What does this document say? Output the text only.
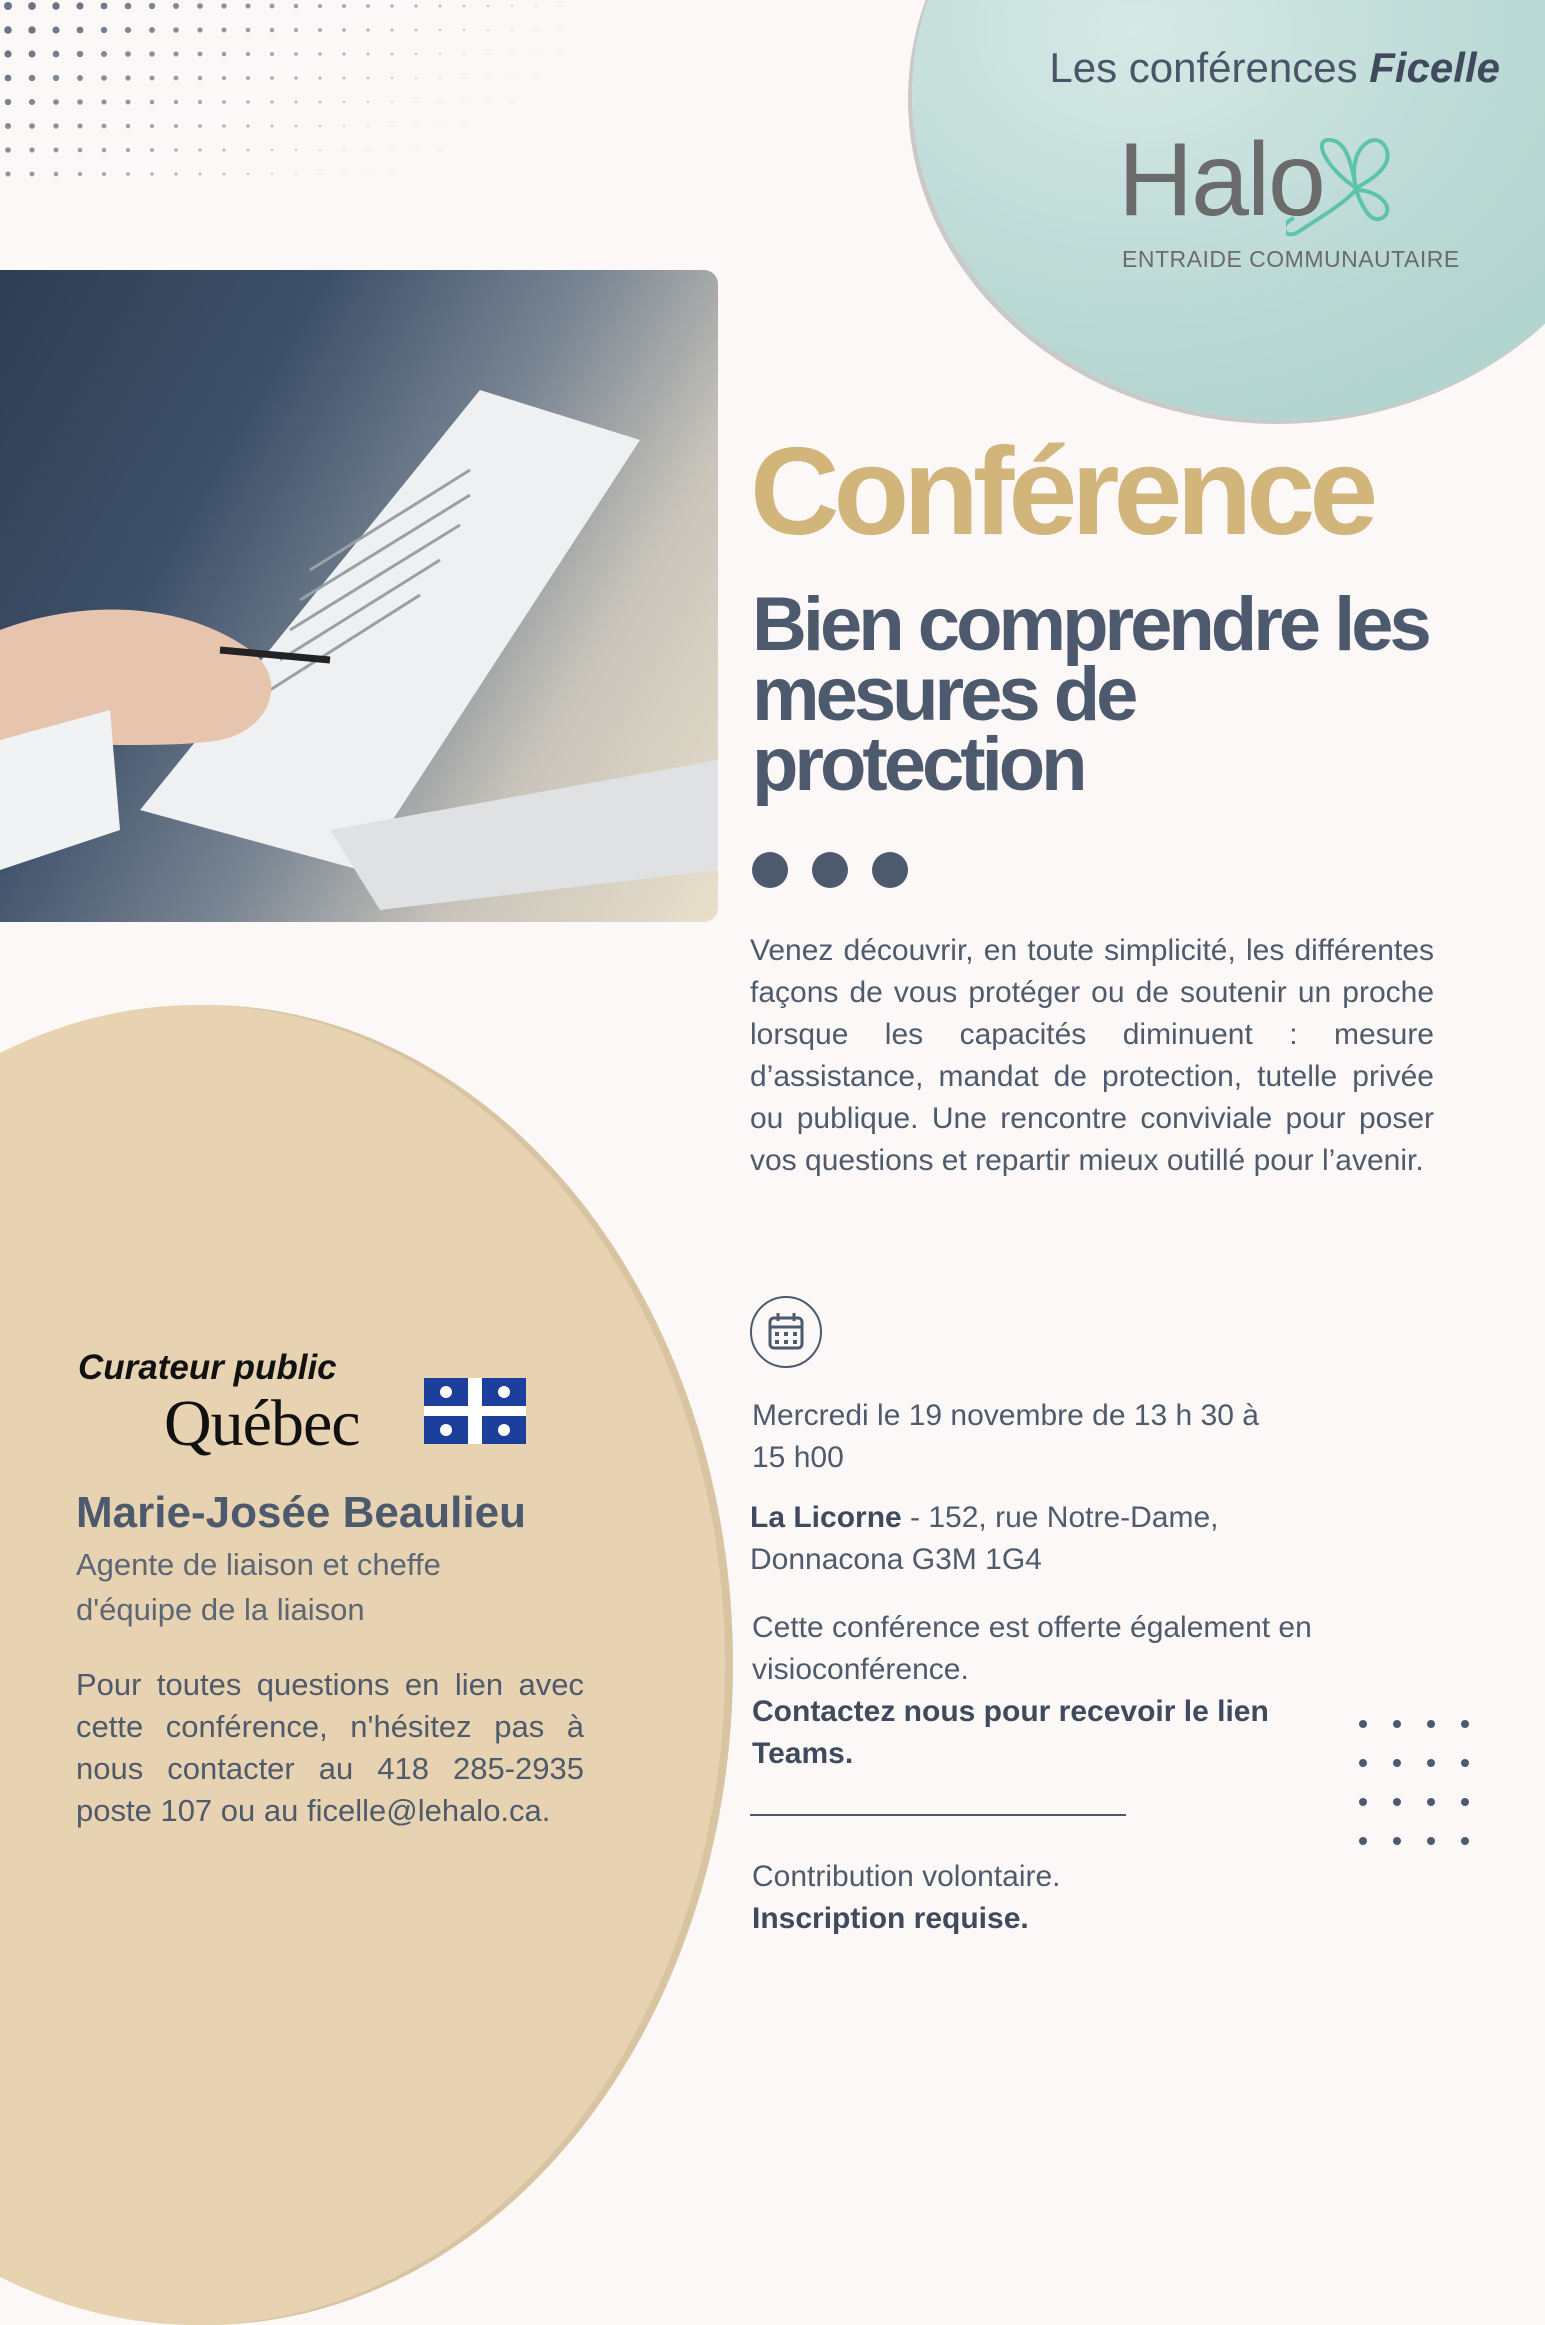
Les conférences Ficelle
Halo
ENTRAIDE COMMUNAUTAIRE
Conférence
Bien comprendre les mesures de protection
Venez découvrir, en toute simplicité, les différentes façons de vous protéger ou de soutenir un proche lorsque les capacités diminuent : mesure d’assistance, mandat de protection, tutelle privée ou publique. Une rencontre conviviale pour poser vos questions et repartir mieux outillé pour l’avenir.
Mercredi le 19 novembre de 13 h 30 à 15 h00
La Licorne - 152, rue Notre-Dame, Donnacona G3M 1G4
Cette conférence est offerte également en visioconférence.
Contactez nous pour recevoir le lien Teams.
Contribution volontaire.
Inscription requise.
Curateur public
Québec
Marie-Josée Beaulieu
Agente de liaison et cheffe d'équipe de la liaison
Pour toutes questions en lien avec cette conférence, n'hésitez pas à nous contacter au 418 285-2935 poste 107 ou au ficelle@lehalo.ca.
